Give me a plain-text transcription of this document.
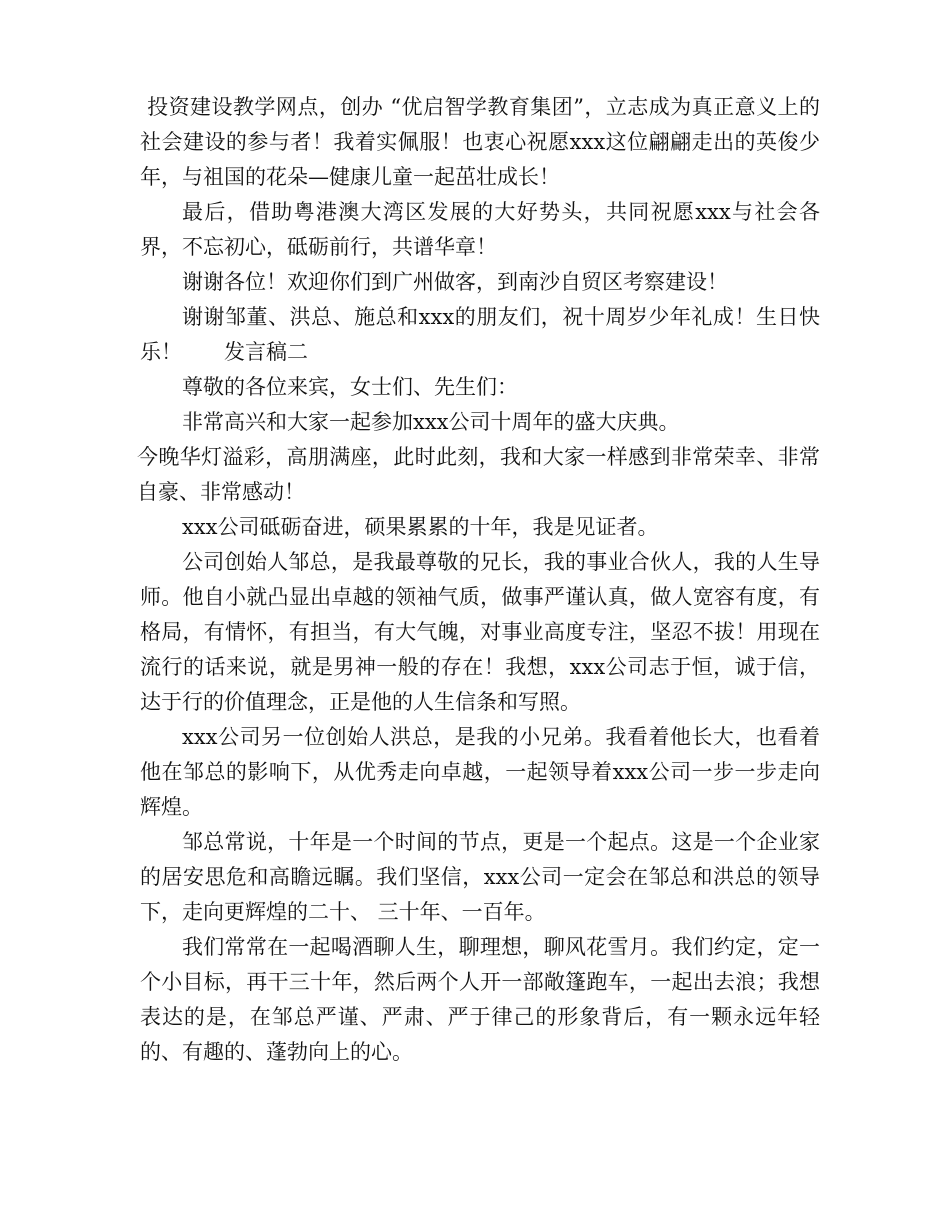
投资建设教学网点，创办 “优启智学教育集团”，立志成为真正意义上的社会建设的参与者！我着实佩服！也衷心祝愿xxx这位翩翩走出的英俊少年，与祖国的花朵—健康儿童一起茁壮成长！

最后，借助粤港澳大湾区发展的大好势头，共同祝愿xxx与社会各界，不忘初心，砥砺前行，共谱华章！

谢谢各位！欢迎你们到广州做客，到南沙自贸区考察建设！

谢谢邹董、洪总、施总和xxx的朋友们，祝十周岁少年礼成！生日快乐！　　发言稿二

尊敬的各位来宾，女士们、先生们：

非常高兴和大家一起参加xxx公司十周年的盛大庆典。

今晚华灯溢彩，高朋满座，此时此刻，我和大家一样感到非常荣幸、非常自豪、非常感动！

xxx公司砥砺奋进，硕果累累的十年，我是见证者。

公司创始人邹总，是我最尊敬的兄长，我的事业合伙人，我的人生导师。他自小就凸显出卓越的领袖气质，做事严谨认真，做人宽容有度，有格局，有情怀，有担当，有大气魄，对事业高度专注，坚忍不拔！用现在流行的话来说，就是男神一般的存在！我想，xxx公司志于恒，诚于信，达于行的价值理念，正是他的人生信条和写照。

xxx公司另一位创始人洪总，是我的小兄弟。我看着他长大，也看着他在邹总的影响下，从优秀走向卓越，一起领导着xxx公司一步一步走向辉煌。

邹总常说，十年是一个时间的节点，更是一个起点。这是一个企业家的居安思危和高瞻远瞩。我们坚信，xxx公司一定会在邹总和洪总的领导下，走向更辉煌的二十、 三十年、一百年。

我们常常在一起喝酒聊人生，聊理想，聊风花雪月。我们约定，定一个小目标，再干三十年，然后两个人开一部敞篷跑车，一起出去浪；我想表达的是，在邹总严谨、严肃、严于律己的形象背后，有一颗永远年轻的、有趣的、蓬勃向上的心。
